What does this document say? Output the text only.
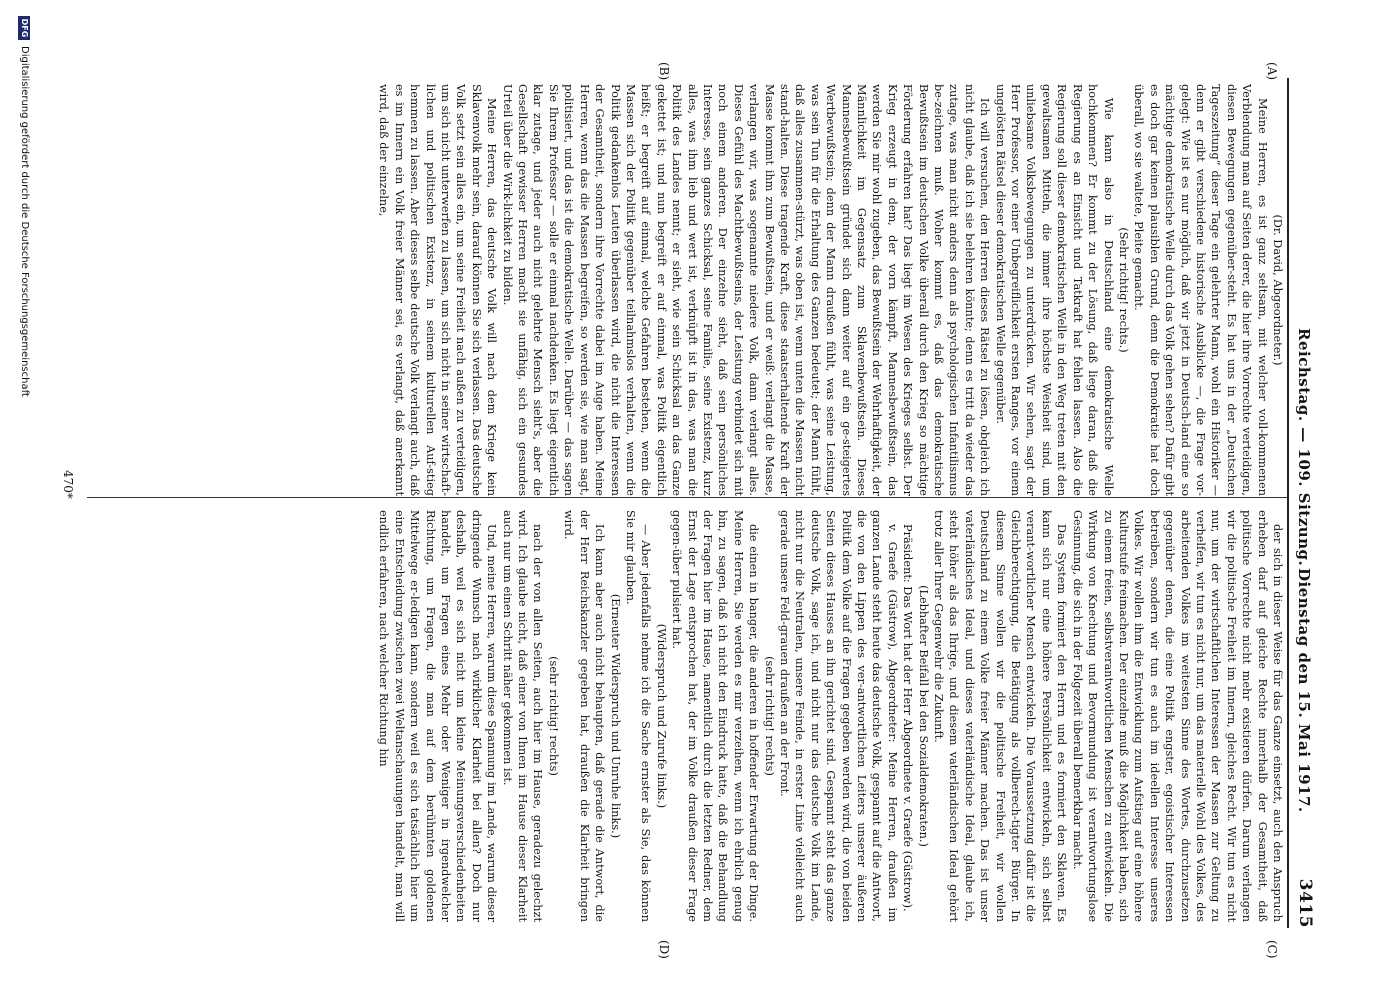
Reichstag. — 109. Sitzung.
Dienstag den 15. Mai 1917.
3415
(A)
(B)
(C)
(D)

(Dr. David, Abgeordneter.)

Meine Herren, es ist ganz seltsam, mit welcher voll-kommenen Verblendung man auf Seiten derer, die hier ihre Vorrechte verteidigen, diesen Bewegungen gegenüber-steht. Es hat uns in der „Deutschen Tageszeitung“ dieser Tage ein gelehrter Mann, wohl ein Historiker — denn er gibt verschiedene historische Ausblicke —, die Frage vor-gelegt: Wie ist es nur möglich, daß wir jetzt in Deutsch-land eine so mächtige demokratische Welle durch das Volk gehen sehen? Dafür gibt es doch gar keinen plausiblen Grund, denn die Demokratie hat doch überall, wo sie waltete, Pleite gemacht.

(Sehr richtig! rechts.)

Wie kann also in Deutschland eine demokratische Welle hochkommen? Er kommt zu der Lösung, daß liege daran, daß die Regierung es an Einsicht und Tatkraft hat fehlen lassen. Also die Regierung soll dieser demokratischen Welle in den Weg treten mit den gewaltsamen Mitteln, die immer ihre höchste Weisheit sind, um unliebsame Volksbewegungen zu unterdrücken. Wir sehen, sagt der Herr Professor, vor einer Unbegreiflichkeit ersten Ranges, vor einem ungelösten Rätsel dieser demokratischen Welle gegenüber.

Ich will versuchen, den Herren dieses Rätsel zu lösen, obgleich ich nicht glaube, daß ich sie belehren könnte; denn es tritt da wieder das zutage, was man nicht anders denn als psychologischen Infantilismus be-zeichnen muß. Woher kommt es, daß das demokratische Bewußtsein im deutschen Volke überall durch den Krieg so mächtige Förderung erfahren hat? Das liegt im Wesen des Krieges selbst. Der Krieg erzeugt in dem, der vorn kämpft, Mannesbewußtsein, das werden Sie mir wohl zugeben, das Bewußtsein der Wehrhaftigkeit, der Männlichkeit im Gegensatz zum Sklavenbewußtsein. Dieses Mannesbewußtsein gründet sich dann weiter auf ein ge-steigertes Wertbewußtsein; denn der Mann draußen fühlt, was seine Leistung, was sein Tun für die Erhaltung des Ganzen bedeutet; der Mann fühlt, daß alles zusammen-stürzt, was oben ist, wenn unten die Massen nicht stand-halten. Diese tragende Kraft, diese staatserhaltende Kraft der Masse kommt ihm zum Bewußtsein, und er weiß: verlangt die Masse, verlangen wir, was sogenannte niedere Volk, dann verlangt alles. Dieses Gefühl des Machtbewußtseins, der Leistung verbindet sich mit noch einem anderen. Der einzelne sieht, daß sein persönliches Interesse, sein ganzes Schicksal, seine Familie, seine Existenz, kurz alles, was ihm lieb und wert ist, verknüpft ist in das, was man die Politik des Landes nennt; er sieht, wie sein Schicksal an das Ganze gekettet ist; und nun begreift er auf einmal, was Politik eigentlich heißt; er begreift auf einmal, welche Gefahren bestehen, wenn die Massen sich der Politik gegenüber teilnahmslos verhalten, wenn die Politik gedankenlos Leuten überlassen wird, die nicht die Interessen der Gesamtheit, sondern ihre Vorrechte dabei im Auge haben. Meine Herren, wenn das die Massen begreifen, so werden sie, wie man sagt, politisiert, und das ist die demokratische Welle. Darüber — das sagen Sie Ihrem Professor — solle er einmal nachdenken. Es liegt eigentlich klar zutage, und jeder auch nicht gelehrte Mensch sieht's, aber die Gesellschaft gewisser Herren macht sie unfähig, sich ein gesundes Urteil über die Wirk-lichkeit zu bilden.

Meine Herren, das deutsche Volk will nach dem Kriege kein Sklavenvolk mehr sein, darauf können Sie sich verlassen. Das deutsche Volk setzt sein alles ein, um seine Freiheit nach außen zu verteidigen, um sich nicht unterwerfen zu lassen, um sich nicht in seiner wirtschaft-lichen und politischen Existenz, in seinem kulturellen Auf-stieg hemmen zu lassen. Aber dieses selbe deutsche Volk verlangt auch, daß es im Innern ein Volk freier Männer sei, es verlangt, daß anerkannt wird, daß der einzelne,

der sich in dieser Weise für das Ganze einsetzt, auch den Anspruch erheben darf auf gleiche Rechte innerhalb der Gesamtheit, daß politische Vorrechte nicht mehr existieren dürfen. Darum verlangen wir die politische Freiheit im Innern, gleiches Recht. Wir tun es nicht nur, um der wirtschaftlichen Interessen der Massen zur Geltung zu verhelfen, wir tun es nicht nur, um das materielle Wohl des Volkes, des arbeitenden Volkes im weitesten Sinne des Wortes, durchzusetzen gegenüber denen, die eine Politik engster, egoistischer Interessen betreiben, sondern wir tun es auch im ideellen Interesse unseres Volkes. Wir wollen ihm die Entwicklung zum Aufstieg auf eine höhere Kulturstufe freimachen. Der einzelne muß die Möglichkeit haben, sich zu einem freien, selbstverantwortlichen Menschen zu entwickeln. Die Wirkung von Knechtung und Bevormundung ist verantwortungslose Gesinnung, die sich in der Folgezeit überall bemerkbar macht.

Das System formiert den Herrn und es formiert den Sklaven. Es kann sich nur eine höhere Persönlichkeit entwickeln, sich selbst verant-wortlicher Mensch entwickeln. Die Voraussetzung dafür ist die Gleichberechtigung, die Betätigung als vollberech-tigter Bürger. In diesem Sinne wollen wir die politische Freiheit, wir wollen Deutschland zu einem Volke freier Männer machen. Das ist unser vaterländisches Ideal, und dieses vaterländische Ideal, glaube ich, steht höher als das Ihrige, und diesem vaterländischen Ideal gehört trotz aller Ihrer Gegenwehr die Zukunft.

(Lebhafter Beifall bei den Sozialdemokraten.)

Präsident: Das Wort hat der Herr Abgeordnete v. Graefe (Güstrow).

v. Graefe (Güstrow), Abgeordneter: Meine Herren, draußen im ganzen Lande steht heute das deutsche Volk, gespannt auf die Antwort, die von den Lippen des ver-antwortlichen Leiters unserer äußeren Politik dem Volke auf die Fragen gegeben werden wird, die von beiden Seiten dieses Hauses an ihn gerichtet sind. Gespannt steht das ganze deutsche Volk, sage ich, und nicht nur das deutsche Volk im Lande, nicht nur die Neutralen, unsere Feinde, in erster Linie vielleicht auch gerade unsere Feld-grauen draußen an der Front.

(sehr richtig! rechts)

die einen in banger, die anderen in hoffender Erwartung der Dinge. Meine Herren, Sie werden es mir verzeihen, wenn ich ehrlich genug bin, zu sagen, daß ich nicht den Eindruck hatte, daß die Behandlung der Fragen hier im Hause, namentlich durch die letzten Redner, dem Ernst der Lage entsprochen hat, der im Volke draußen dieser Frage gegen-über pulsiert hat.

(Widerspruch und Zurufe links.)

— Aber jedenfalls nehme ich die Sache ernster als Sie, das können Sie mir glauben.

(Erneuter Widerspruch und Unruhe links.)

Ich kann aber auch nicht behaupten, daß gerade die Antwort, die der Herr Reichskanzler gegeben hat, draußen die Klarheit bringen wird.

(sehr richtig! rechts)

nach der von allen Seiten, auch hier im Hause, geradezu gelechzt wird. Ich glaube nicht, daß einer von Ihnen im Hause dieser Klarheit auch nur um einen Schritt näher gekommen ist.

Und, meine Herren, warum diese Spannung im Lande, warum dieser dringende Wunsch nach wirklicher Klarheit bei allen? Doch nur deshalb, weil es sich nicht um kleine Meinungsverschiedenheiten handelt, um Fragen eines Mehr oder Weniger in irgendwelcher Richtung, um Fragen, die man auf dem berühmten goldenen Mittelwege er-ledigen kann, sondern weil es sich tatsächlich hier um eine Entscheidung zwischen zwei Weltanschauungen handelt, man will endlich erfahren, nach welcher Richtung hin

470*
DFG
Digitalisierung gefördert durch die Deutsche Forschungsgemeinschaft
